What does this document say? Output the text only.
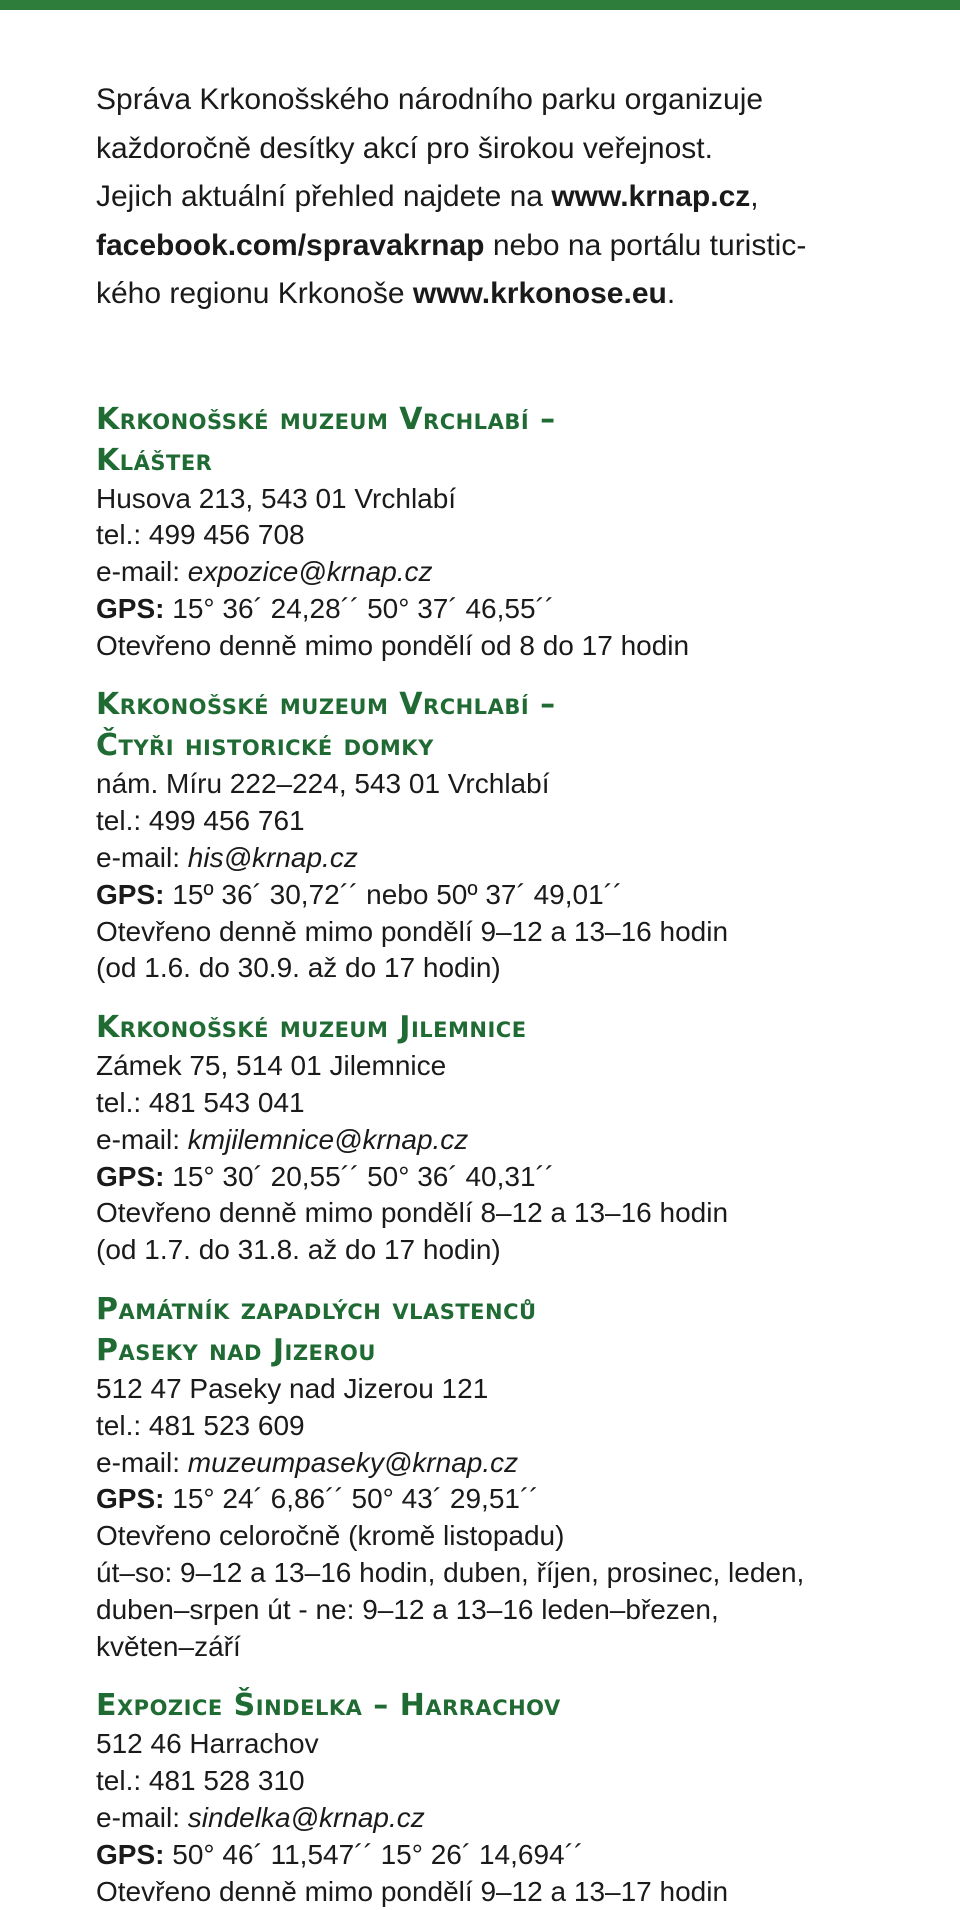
Správa Krkonošského národního parku organizuje
každoročně desítky akcí pro širokou veřejnost.
Jejich aktuální přehled najdete na www.krnap.cz,
facebook.com/spravakrnap nebo na portálu turistic-
kého regionu Krkonoše www.krkonose.eu.
Krkonošské muzeum Vrchlabí –
Klášter
Husova 213, 543 01 Vrchlabí
tel.: 499 456 708
e-mail: expozice@krnap.cz
GPS: 15° 36´ 24,28´´ 50° 37´ 46,55´´
Otevřeno denně mimo pondělí od 8 do 17 hodin
Krkonošské muzeum Vrchlabí –
Čtyři historické domky
nám. Míru 222–224, 543 01 Vrchlabí
tel.: 499 456 761
e-mail: his@krnap.cz
GPS: 15º 36´ 30,72´´ nebo 50º 37´ 49,01´´
Otevřeno denně mimo pondělí 9–12 a 13–16 hodin
(od 1.6. do 30.9. až do 17 hodin)
Krkonošské muzeum Jilemnice
Zámek 75, 514 01 Jilemnice
tel.: 481 543 041
e-mail: kmjilemnice@krnap.cz
GPS: 15° 30´ 20,55´´ 50° 36´ 40,31´´
Otevřeno denně mimo pondělí 8–12 a 13–16 hodin
(od 1.7. do 31.8. až do 17 hodin)
Památník zapadlých vlastenců
Paseky nad Jizerou
512 47 Paseky nad Jizerou 121
tel.: 481 523 609
e-mail: muzeumpaseky@krnap.cz
GPS: 15° 24´ 6,86´´ 50° 43´ 29,51´´
Otevřeno celoročně (kromě listopadu)
út–so: 9–12 a 13–16 hodin, duben, říjen, prosinec, leden,
duben–srpen út - ne: 9–12 a 13–16 leden–březen,
květen–září
Expozice Šindelka – Harrachov
512 46 Harrachov
tel.: 481 528 310
e-mail: sindelka@krnap.cz
GPS: 50° 46´ 11,547´´ 15° 26´ 14,694´´
Otevřeno denně mimo pondělí 9–12 a 13–17 hodin
